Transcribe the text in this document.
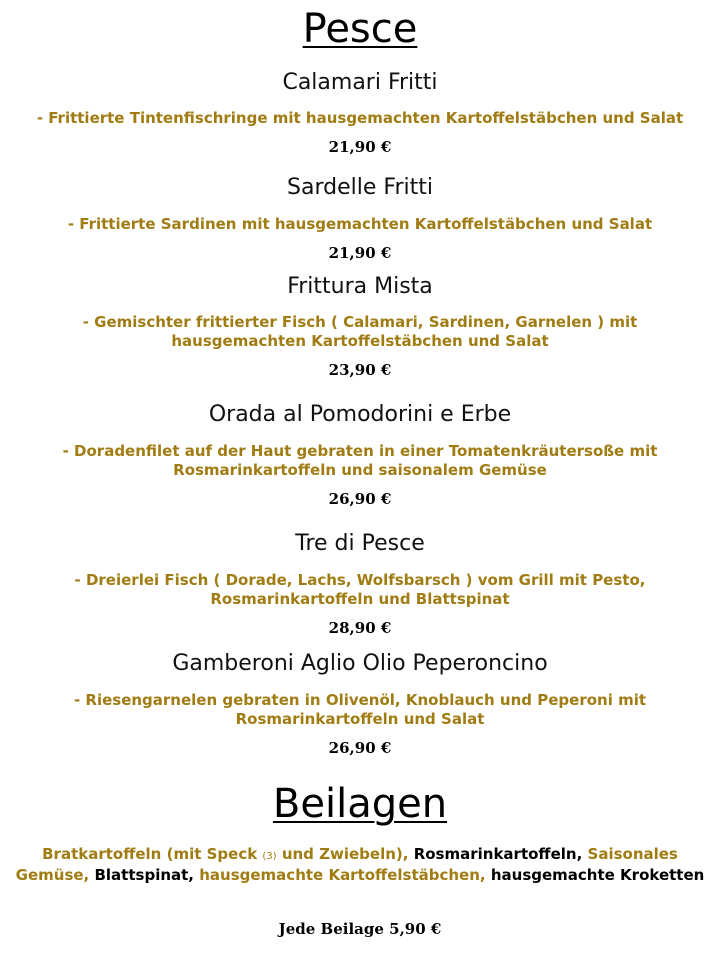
Pesce
Calamari Fritti
- Frittierte Tintenfischringe mit hausgemachten Kartoffelstäbchen und Salat
21,90 €
Sardelle Fritti
- Frittierte Sardinen mit hausgemachten Kartoffelstäbchen und Salat
21,90 €
Frittura Mista
- Gemischter frittierter Fisch ( Calamari, Sardinen, Garnelen ) mit
hausgemachten Kartoffelstäbchen und Salat
23,90 €
Orada al Pomodorini e Erbe
- Doradenfilet auf der Haut gebraten in einer Tomatenkräutersoße mit
Rosmarinkartoffeln und saisonalem Gemüse
26,90 €
Tre di Pesce
- Dreierlei Fisch ( Dorade, Lachs, Wolfsbarsch ) vom Grill mit Pesto,
Rosmarinkartoffeln und Blattspinat
28,90 €
Gamberoni Aglio Olio Peperoncino
- Riesengarnelen gebraten in Olivenöl, Knoblauch und Peperoni mit
Rosmarinkartoffeln und Salat
26,90 €
Beilagen
Bratkartoffeln (mit Speck (3) und Zwiebeln), Rosmarinkartoffeln, Saisonales Gemüse, Blattspinat, hausgemachte Kartoffelstäbchen, hausgemachte Kroketten
Jede Beilage 5,90 €
